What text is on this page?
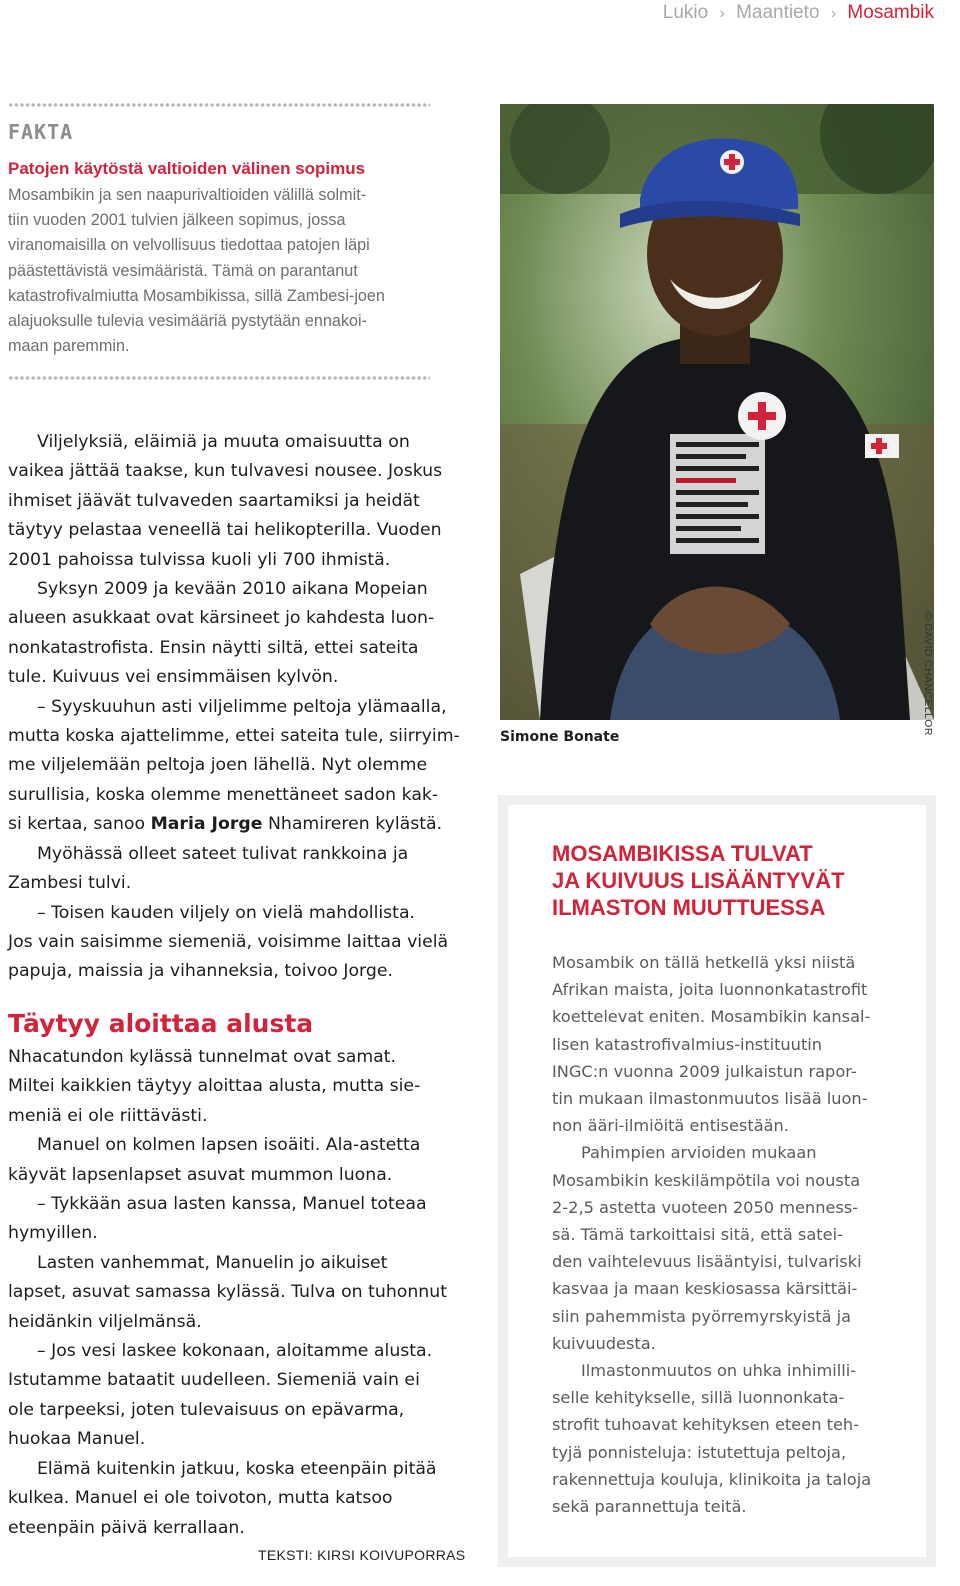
Lukio › Maantieto › Mosambik
FAKTA
Patojen käytöstä valtioiden välinen sopimus
Mosambikin ja sen naapurivaltioiden välillä solmit-
tiin vuoden 2001 tulvien jälkeen sopimus, jossa
viranomaisilla on velvollisuus tiedottaa patojen läpi
päästettävistä vesimääristä. Tämä on parantanut
katastrofivalmiutta Mosambikissa, sillä Zambesi-joen
alajuoksulle tulevia vesimääriä pystytään ennakoi-
maan paremmin.
Viljelyksiä, eläimiä ja muuta omaisuutta on
vaikea jättää taakse, kun tulvavesi nousee. Joskus
ihmiset jäävät tulvaveden saartamiksi ja heidät
täytyy pelastaa veneellä tai helikopterilla. Vuoden
2001 pahoissa tulvissa kuoli yli 700 ihmistä.
Syksyn 2009 ja kevään 2010 aikana Mopeian
alueen asukkaat ovat kärsineet jo kahdesta luon-
nonkatastrofista. Ensin näytti siltä, ettei sateita
tule. Kuivuus vei ensimmäisen kylvön.
– Syyskuuhun asti viljelimme peltoja ylämaalla,
mutta koska ajattelimme, ettei sateita tule, siirryim-
me viljelemään peltoja joen lähellä. Nyt olemme
surullisia, koska olemme menettäneet sadon kak-
si kertaa, sanoo Maria Jorge Nhamireren kylästä.
Myöhässä olleet sateet tulivat rankkoina ja
Zambesi tulvi.
– Toisen kauden viljely on vielä mahdollista.
Jos vain saisimme siemeniä, voisimme laittaa vielä
papuja, maissia ja vihanneksia, toivoo Jorge.
Täytyy aloittaa alusta
Nhacatundon kylässä tunnelmat ovat samat.
Miltei kaikkien täytyy aloittaa alusta, mutta sie-
meniä ei ole riittävästi.
Manuel on kolmen lapsen isoäiti. Ala-astetta
käyvät lapsenlapset asuvat mummon luona.
– Tykkään asua lasten kanssa, Manuel toteaa
hymyillen.
Lasten vanhemmat, Manuelin jo aikuiset
lapset, asuvat samassa kylässä. Tulva on tuhonnut
heidänkin viljelmänsä.
– Jos vesi laskee kokonaan, aloitamme alusta.
Istutamme bataatit uudelleen. Siemeniä vain ei
ole tarpeeksi, joten tulevaisuus on epävarma,
huokaa Manuel.
Elämä kuitenkin jatkuu, koska eteenpäin pitää
kulkea. Manuel ei ole toivoton, mutta katsoo
eteenpäin päivä kerrallaan.
TEKSTI: KIRSI KOIVUPORRAS
© DAVID CHANCELLOR
Simone Bonate
MOSAMBIKISSA TULVAT
JA KUIVUUS LISÄÄNTYVÄT
ILMASTON MUUTTUESSA
Mosambik on tällä hetkellä yksi niistä
Afrikan maista, joita luonnonkatastrofit
koettelevat eniten. Mosambikin kansal-
lisen katastrofivalmius-instituutin
INGC:n vuonna 2009 julkaistun rapor-
tin mukaan ilmastonmuutos lisää luon-
non ääri-ilmiöitä entisestään.
Pahimpien arvioiden mukaan
Mosambikin keskilämpötila voi nousta
2-2,5 astetta vuoteen 2050 menness-
sä. Tämä tarkoittaisi sitä, että satei-
den vaihtelevuus lisääntyisi, tulvariski
kasvaa ja maan keskiosassa kärsittäi-
siin pahemmista pyörremyrskyistä ja
kuivuudesta.
Ilmastonmuutos on uhka inhimilli-
selle kehitykselle, sillä luonnonkata-
strofit tuhoavat kehityksen eteen teh-
tyjä ponnisteluja: istutettuja peltoja,
rakennettuja kouluja, klinikoita ja taloja
sekä parannettuja teitä.
